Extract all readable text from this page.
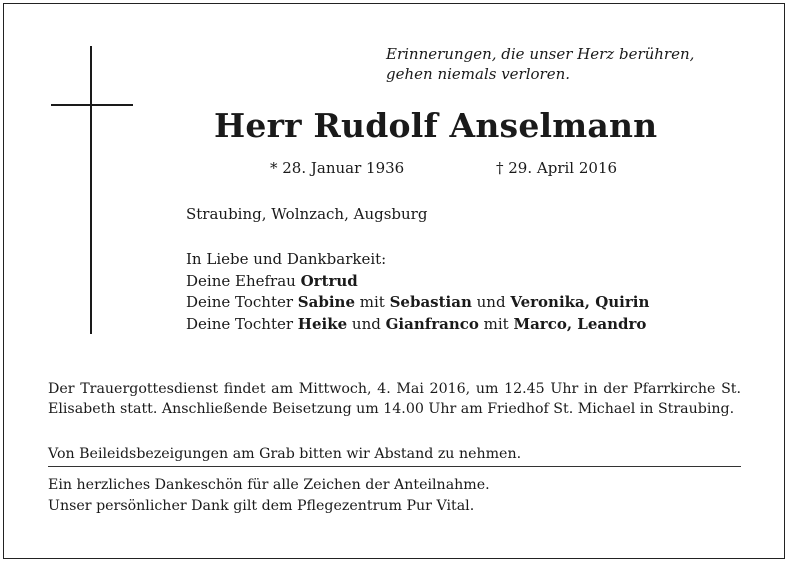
Erinnerungen, die unser Herz berühren,
gehen niemals verloren.
Herr Rudolf Anselmann
* 28. Januar 1936	† 29. April 2016
Straubing, Wolnzach, Augsburg
In Liebe und Dankbarkeit:
Deine Ehefrau Ortrud
Deine Tochter Sabine mit Sebastian und Veronika, Quirin
Deine Tochter Heike und Gianfranco mit Marco, Leandro
Der Trauergottesdienst findet am Mittwoch, 4. Mai 2016, um 12.45 Uhr in der Pfarrkirche St. Elisabeth statt. Anschließende Beisetzung um 14.00 Uhr am Friedhof St. Michael in Straubing.
Von Beileidsbezeigungen am Grab bitten wir Abstand zu nehmen.
Ein herzliches Dankeschön für alle Zeichen der Anteilnahme.
Unser persönlicher Dank gilt dem Pflegezentrum Pur Vital.
